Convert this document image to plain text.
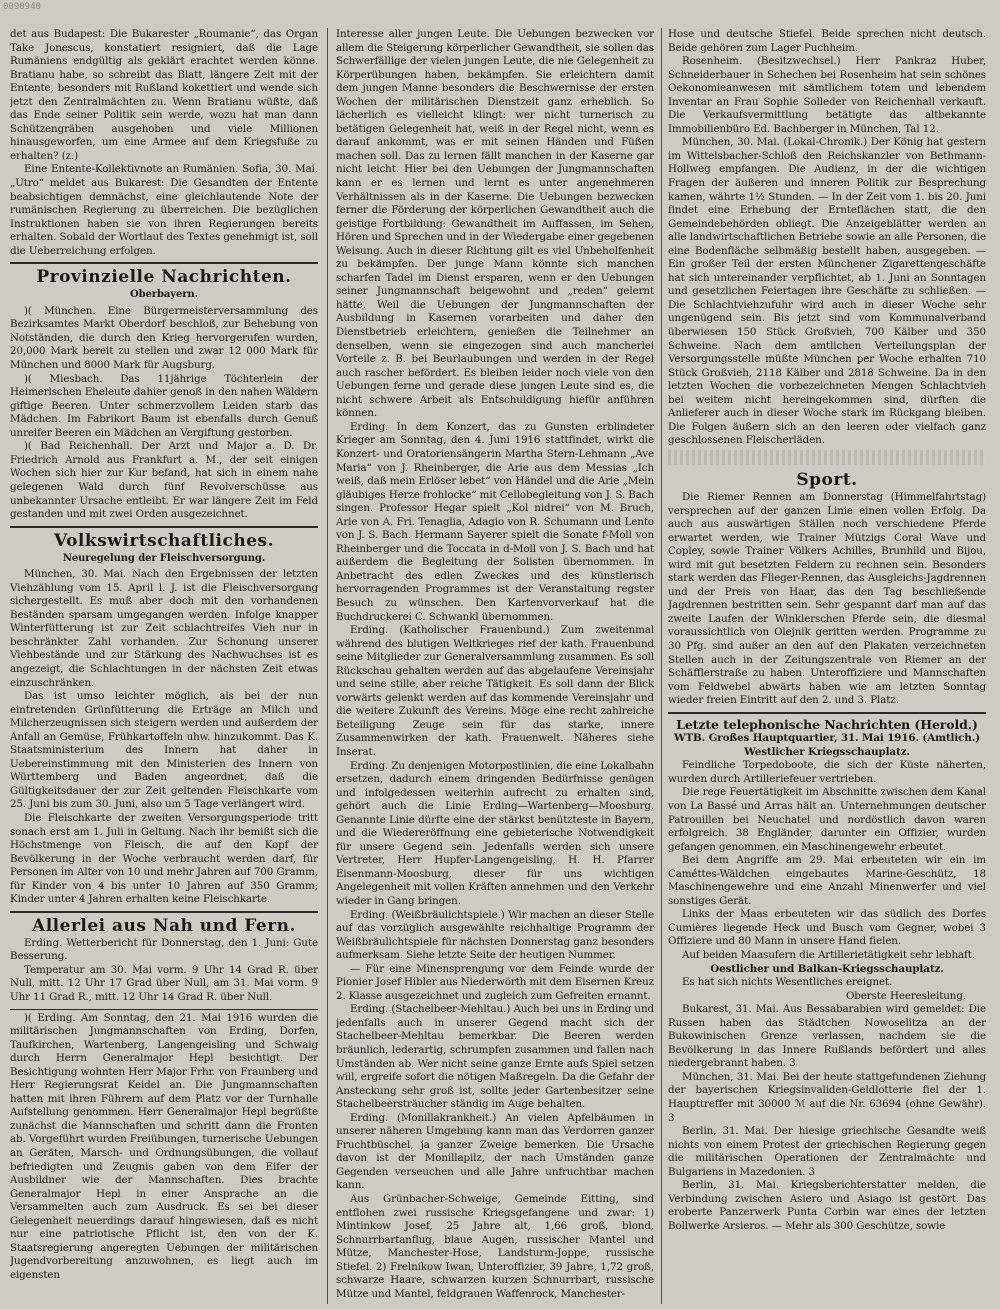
0090940

det aus Budapest: Die Bukarester „Roumanie“, das Organ Take Jonescus, konstatiert resigniert, daß die Lage Rumäniens endgültig als geklärt erachtet werden könne. Bratianu habe, so schreibt das Blatt, längere Zeit mit der Entente, besonders mit Rußland kokettiert und wende sich jetzt den Zentralmächten zu. Wenn Bratianu wüßte, daß das Ende seiner Politik sein werde, wozu hat man dann Schützengräben ausgehoben und viele Millionen hinausgeworfen, um eine Armee auf dem Kriegsfuße zu erhalten? (z.)

Eine Entente-Kollektivnote an Rumänien. Sofia, 30. Mai. „Utro“ meldet aus Bukarest: Die Gesandten der Entente beabsichtigen demnächst, eine gleichlautende Note der rumänischen Regierung zu überreichen. Die bezüglichen Instruktionen haben sie von ihren Regierungen bereits erhalten. Sobald der Wortlaut des Textes genehmigt ist, soll die Ueberreichung erfolgen.

Provinzielle Nachrichten.
Oberbayern.

)( München. Eine Bürgermeisterversammlung des Bezirksamtes Markt Oberdorf beschloß, zur Behebung von Notständen, die durch den Krieg hervorgerufen wurden, 20,000 Mark bereit zu stellen und zwar 12 000 Mark für München und 8000 Mark für Augsburg.

)( Miesbach. Das 11jährige Töchterlein der Heimerlschen Eheleute dahier genoß in den nahen Wäldern giftige Beeren. Unter schmerzvollem Leiden starb das Mädchen. Im Fabrikort Baum ist ebenfalls durch Genuß unreifer Beeren ein Mädchen an Vergiftung gestorben.

)( Bad Reichenhall. Der Arzt und Major a. D. Dr. Friedrich Arnold aus Frankfurt a. M., der seit einigen Wochen sich hier zur Kur befand, hat sich in einem nahe gelegenen Wald durch fünf Revolverschüsse aus unbekannter Ursache entleibt. Er war längere Zeit im Feld gestanden und mit zwei Orden ausgezeichnet.

Volkswirtschaftliches.
Neuregelung der Fleischversorgung.

München, 30. Mai. Nach den Ergebnissen der letzten Viehzählung vom 15. April l. J. ist die Fleischversorgung sichergestellt. Es muß aber doch mit den vorhandenen Beständen sparsam umgegangen werden. Infolge knapper Winterfütterung ist zur Zeit schlachtreifes Vieh nur in beschränkter Zahl vorhanden. Zur Schonung unserer Viehbestände und zur Stärkung des Nachwuchses ist es angezeigt, die Schlachtungen in der nächsten Zeit etwas einzuschränken.

Das ist umso leichter möglich, als bei der nun eintretenden Grünfütterung die Erträge an Milch und Milcherzeugnissen sich steigern werden und außerdem der Anfall an Gemüse, Frühkartoffeln uhw. hinzukommt. Das K. Staatsministerium des Innern hat daher in Uebereinstimmung mit den Ministerien des Innern von Württemberg und Baden angeordnet, daß die Gültigkeitsdauer der zur Zeit geltenden Fleischkarte vom 25. Juni bis zum 30. Juni, also um 5 Tage verlängert wird.

Die Fleischkarte der zweiten Versorgungsperiode tritt sonach erst am 1. Juli in Geltung. Nach ihr bemißt sich die Höchstmenge von Fleisch, die auf den Kopf der Bevölkerung in der Woche verbraucht werden darf, für Personen im Alter von 10 und mehr Jahren auf 700 Gramm, für Kinder von 4 bis unter 10 Jahren auf 350 Gramm; Kinder unter 4 Jahren erhalten keine Fleischkarte.

Allerlei aus Nah und Fern.

Erding. Wetterbericht für Donnerstag, den 1. Juni: Gute Besserung.

Temperatur am 30. Mai vorm. 9 Uhr 14 Grad R. über Null, mitt. 12 Uhr 17 Grad über Null, am 31. Mai vorm. 9 Uhr 11 Grad R., mitt. 12 Uhr 14 Grad R. über Null.

)( Erding. Am Sonntag, den 21. Mai 1916 wurden die militärischen Jungmannschaften von Erding, Dorfen, Taufkirchen, Wartenberg, Langengeisling und Schwaig durch Herrn Generalmajor Hepl besichtigt. Der Besichtigung wohnten Herr Major Frhr. von Fraunberg und Herr Regierungsrat Keidel an. Die Jungmannschaften hatten mit ihren Führern auf dem Platz vor der Turnhalle Aufstellung genommen. Herr Generalmajor Hepl begrüßte zunächst die Mannschaften und schritt dann die Fronten ab. Vorgeführt wurden Freiübungen, turnerische Uebungen an Geräten, Marsch- und Ordnungsübungen, die vollauf befriedigten und Zeugnis gaben von dem Eifer der Ausbildner wie der Mannschaften. Dies brachte Generalmajor Hepl in einer Ansprache an die Versammelten auch zum Ausdruck. Es sei bei dieser Gelegenheit neuerdings darauf hingewiesen, daß es nicht nur eine patriotische Pflicht ist, den von der K. Staatsregierung angeregten Uebungen der militärischen Jugendvorbereitung anzuwohnen, es liegt auch im eigensten

Interesse aller jungen Leute. Die Uebungen bezwecken vor allem die Steigerung körperlicher Gewandtheit, sie sollen das Schwerfällige der vielen jungen Leute, die nie Gelegenheit zu Körperübungen haben, bekämpfen. Sie erleichtern damit dem jungen Manne besonders die Beschwernisse der ersten Wochen der militärischen Dienstzeit ganz erheblich. So lächerlich es vielleicht klingt: wer nicht turnerisch zu betätigen Gelegenheit hat, weiß in der Regel nicht, wenn es darauf ankommt, was er mit seinen Händen und Füßen machen soll. Das zu lernen fällt manchen in der Kaserne gar nicht leicht. Hier bei den Uebungen der Jungmannschaften kann er es lernen und lernt es unter angenehmeren Verhältnissen als in der Kaserne. Die Uebungen bezwecken ferner die Förderung der körperlichen Gewandtheit auch die geistige Fortbildung: Gewandtheit im Auffassen, im Sehen, Hören und Sprechen und in der Wiedergabe einer gegebenen Weisung. Auch in dieser Richtung gilt es viel Unbeholfenheit zu bekämpfen. Der junge Mann könnte sich manchen scharfen Tadel im Dienst ersparen, wenn er den Uebungen seiner Jungmannschaft beigewohnt und „reden“ gelernt hätte. Weil die Uebungen der Jungmannschaften der Ausbildung in Kasernen vorarbeiten und daher den Dienstbetrieb erleichtern, genießen die Teilnehmer an denselben, wenn sie eingezogen sind auch mancherlei Vorteile z. B. bei Beurlaubungen und werden in der Regel auch rascher befördert. Es bleiben leider noch viele von den Uebungen ferne und gerade diese jungen Leute sind es, die nicht schwere Arbeit als Entschuldigung hiefür anführen können.

Erding. In dem Konzert, das zu Gunsten erblindeter Krieger am Sonntag, den 4. Juni 1916 stattfindet, wirkt die Konzert- und Oratoriensängerin Martha Stern-Lehmann „Ave Maria“ von J. Rheinberger, die Arie aus dem Messias „Ich weiß, daß mein Erlöser lebet“ von Händel und die Arie „Mein gläubiges Herze frohlocke“ mit Cellobegleitung von J. S. Bach singen. Professor Hegar spielt „Kol nidrei“ von M. Bruch, Arie von A. Fri. Tenaglia, Adagio von R. Schumann und Lento von J. S. Bach. Hermann Sayerer spielt die Sonate f-Moll von Rheinberger und die Toccata in d-Moll von J. S. Bach und hat außerdem die Begleitung der Solisten übernommen. In Anbetracht des edlen Zweckes und des künstlerisch hervorragenden Programmes ist der Veranstaltung regster Besuch zu wünschen. Den Kartenvorverkauf hat die Buchdruckerei C. Schwankl übernommen.

Erding. (Katholischer Frauenbund.) Zum zweitenmal während des blutigen Weltkrieges rief der kath. Frauenbund seine Mitglieder zur Generalversammlung zusammen. Es soll Rückschau gehalten werden auf das abgelaufene Vereinsjahr und seine stille, aber reiche Tätigkeit. Es soll dann der Blick vorwärts gelenkt werden auf das kommende Vereinsjahr und die weitere Zukunft des Vereins. Möge eine recht zahlreiche Beteiligung Zeuge sein für das starke, innere Zusammenwirken der kath. Frauenwelt. Näheres siehe Inserat.

Erding. Zu denjenigen Motorpostlinien, die eine Lokalbahn ersetzen, dadurch einem dringenden Bedürfnisse genügen und infolgedessen weiterhin aufrecht zu erhalten sind, gehört auch die Linie Erding—Wartenberg—Moosburg. Genannte Linie dürfte eine der stärkst benützteste in Bayern, und die Wiedereröffnung eine gebieterische Notwendigkeit für unsere Gegend sein. Jedenfalls werden sich unsere Vertreter, Herr Hupfer-Langengeisling, H. H. Pfarrer Eisenmann-Moosburg, dieser für uns wichtigen Angelegenheit mit vollen Kräften annehmen und den Verkehr wieder in Gang bringen.

Erding. (Weißbräulichtspiele.) Wir machen an dieser Stelle auf das vorzüglich ausgewählte reichhaltige Programm der Weißbräulichtspiele für nächsten Donnerstag ganz besonders aufmerksam. Siehe letzte Seite der heutigen Nummer.

— Für eine Minensprengung vor dem Feinde wurde der Pionier Josef Hibler aus Niederwörth mit dem Eisernen Kreuz 2. Klasse ausgezeichnet und zugleich zum Gefreiten ernannt.

Erding. (Stachelbeer-Mehltau.) Auch bei uns in Erding und jedenfalls auch in unserer Gegend macht sich der Stachelbeer-Mehltau bemerkbar. Die Beeren werden bräunlich, lederartig, schrumpfen zusammen und fallen nach Umständen ab. Wer nicht seine ganze Ernte aufs Spiel setzen will, ergreife sofort die nötigen Maßregeln. Da die Gefahr der Ansteckung sehr groß ist, sollte jeder Gartenbesitzer seine Stachelbeersträucher ständig im Auge behalten.

Erding. (Monillakrankheit.) An vielen Apfelbäumen in unserer näheren Umgebung kann man das Verdorren ganzer Fruchtbüschel, ja ganzer Zweige bemerken. Die Ursache davon ist der Monillapilz, der nach Umständen ganze Gegenden verseuchen und alle Jahre unfruchtbar machen kann.

Aus Grünbacher-Schweige, Gemeinde Eitting, sind entflohen zwei russische Kriegsgefangene und zwar: 1) Mintinkow Josef, 25 Jahre alt, 1,66 groß, blond, Schnurrbartanflug, blaue Augen, russischer Mantel und Mütze, Manchester-Hose, Landsturm-Joppe, russische Stiefel. 2) Frelnikow Iwan, Unteroffizier, 39 Jahre, 1,72 groß, schwarze Haare, schwarzen kurzen Schnurrbart, russische Mütze und Mantel, feldgrauen Waffenrock, Manchester-

Hose und deutsche Stiefel. Beide sprechen nicht deutsch. Beide gehören zum Lager Puchheim.

Rosenheim. (Besitzwechsel.) Herr Pankraz Huber, Schneiderbauer in Schechen bei Rosenheim hat sein schönes Oekonomieanwesen mit sämtlichem totem und lebendem Inventar an Frau Sophie Solleder von Reichenhall verkauft. Die Verkaufsvermittlung betätigte das altbekannte Immobilienbüro Ed. Bachberger in München, Tal 12.

München, 30. Mai. (Lokal-Chronik.) Der König hat gestern im Wittelsbacher-Schloß den Reichskanzler von Bethmann-Hollweg empfangen. Die Audienz, in der die wichtigen Fragen der äußeren und inneren Politik zur Besprechung kamen, währte 1½ Stunden. — In der Zeit vom 1. bis 20. Juni findet eine Erhebung der Ernteflächen statt, die den Gemeindebehörden obliegt. Die Anzeigeblätter werden an alle landwirtschaftlichen Betriebe sowie an alle Personen, die eine Bodenfläche selbmäßig bestellt haben, ausgegeben. — Ein großer Teil der ersten Münchener Zigarettengeschäfte hat sich untereinander verpflichtet, ab 1. Juni an Sonntagen und gesetzlichen Feiertagen ihre Geschäfte zu schließen. — Die Schlachtviehzufuhr wird auch in dieser Woche sehr ungenügend sein. Bis jetzt sind vom Kommunalverband überwiesen 150 Stück Großvieh, 700 Kälber und 350 Schweine. Nach dem amtlichen Verteilungsplan der Versorgungsstelle müßte München per Woche erhalten 710 Stück Großvieh, 2118 Kälber und 2818 Schweine. Da in den letzten Wochen die vorbezeichneten Mengen Schlachtvieh bei weitem nicht hereingekommen sind, dürften die Anlieferer auch in dieser Woche stark im Rückgang bleiben. Die Folgen äußern sich an den leeren oder vielfach ganz geschlossenen Fleischerläden.

Sport.

Die Riemer Rennen am Donnerstag (Himmelfahrtstag) versprechen auf der ganzen Linie einen vollen Erfolg. Da auch aus auswärtigen Ställen noch verschiedene Pferde erwartet werden, wie Trainer Mützigs Coral Wave und Copley, sowie Trainer Völkers Achilles, Brunhild und Bijou, wird mit gut besetzten Feldern zu rechnen sein. Besonders stark werden das Flieger-Rennen, das Ausgleichs-Jagdrennen und der Preis von Haar, das den Tag beschließende Jagdrennen bestritten sein. Sehr gespannt darf man auf das zweite Laufen der Winklerschen Pferde sein, die diesmal voraussichtlich von Olejnik geritten werden. Programme zu 30 Pfg. sind außer an den auf den Plakaten verzeichneten Stellen auch in der Zeitungszentrale von Riemer an der Schäfflerstraße zu haben. Unteroffiziere und Mannschaften vom Feldwebel abwärts haben wie am letzten Sonntag wieder freien Eintritt auf den 2. und 3. Platz.

Letzte telephonische Nachrichten (Herold.)

WTB. Großes Hauptquartier, 31. Mai 1916. (Amtlich.)

Westlicher Kriegsschauplatz.

Feindliche Torpedoboote, die sich der Küste näherten, wurden durch Artilleriefeuer vertrieben.

Die rege Feuertätigkeit im Abschnitte zwischen dem Kanal von La Bassé und Arras hält an. Unternehmungen deutscher Patrouillen bei Neuchatel und nordöstlich davon waren erfolgreich. 38 Engländer, darunter ein Offizier, wurden gefangen genommen, ein Maschinengewehr erbeutet.

Bei dem Angriffe am 29. Mai erbeuteten wir ein im Caméttes-Wäldchen eingebautes Marine-Geschütz, 18 Maschinengewehre und eine Anzahl Minenwerfer und viel sonstiges Gerät.

Links der Maas erbeuteten wir das südlich des Dorfes Cumières liegende Heck und Busch vom Gegner, wobei 3 Offiziere und 80 Mann in unsere Hand fielen.

Auf beiden Maasufern die Artillerietätigkeit sehr lebhaft.

Oestlicher und Balkan-Kriegsschauplatz.

Es hat sich nichts Wesentliches ereignet.

Oberste Heeresleitung.

Bukarest, 31. Mai. Aus Bessabarabien wird gemeldet: Die Russen haben das Städtchen Nowoselitza an der Bukowinischen Grenze verlassen, nachdem sie die Bevölkerung in das Innere Rußlands befördert und alles niedergebrannt haben. 3

München, 31. Mai. Bei der heute stattgefundenen Ziehung der bayerischen Kriegsinvaliden-Geldlotterie fiel der 1. Haupttreffer mit 30000 ℳ auf die Nr. 63694 (ohne Gewähr). 3

Berlin, 31. Mai. Der hiesige griechische Gesandte weiß nichts von einem Protest der griechischen Regierung gegen die militärischen Operationen der Zentralmächte und Bulgariens in Mazedonien. 3

Berlin, 31. Mai. Kriegsberichterstatter melden, die Verbindung zwischen Asiero und Asiago ist gestört. Das eroberte Panzerwerk Punta Corbin war eines der letzten Bollwerke Arsieros. — Mehr als 300 Geschütze, sowie
